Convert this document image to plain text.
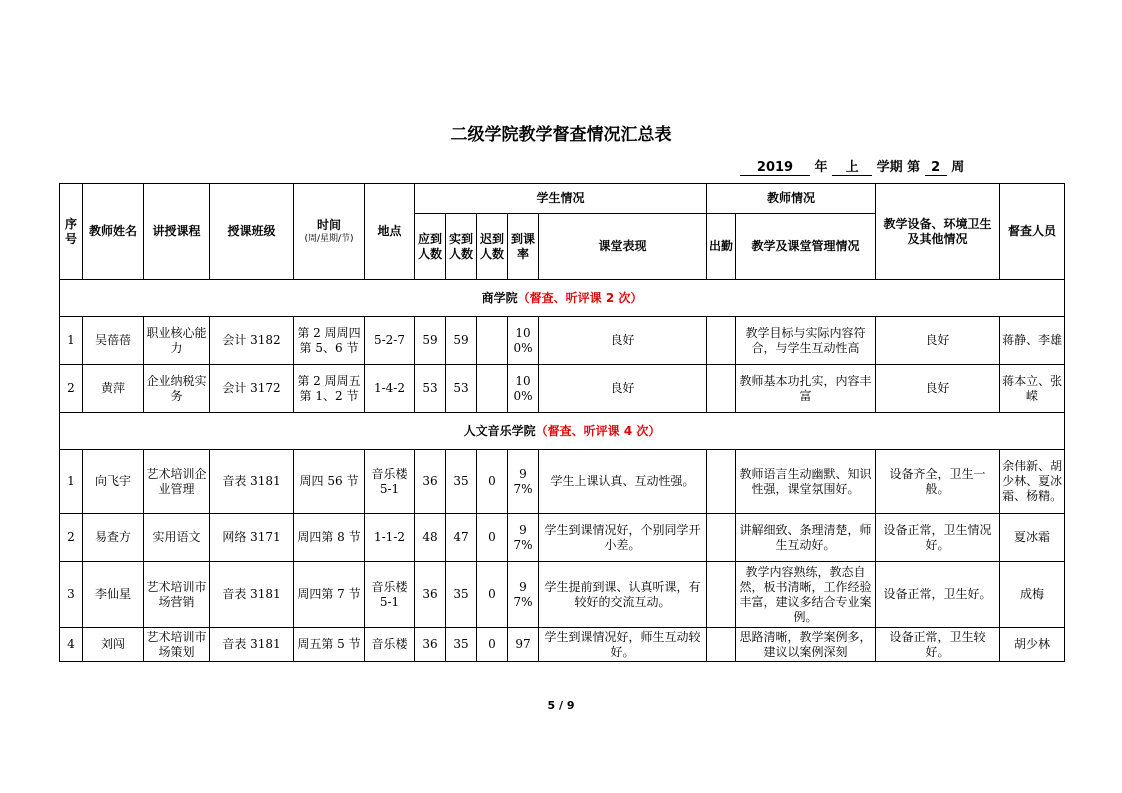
二级学院教学督查情况汇总表
2019 年 上 学期 第 2 周
序号	教师姓名	讲授课程	授课班级	时间
(周/星期/节)	地点	学生情况					教师情况		教学设备、环境卫生及其他情况	督查人员
						应到人数	实到人数	迟到人数	到课率	课堂表现	出勤	教学及课堂管理情况		
商学院（督查、听评课 2 次）														
1	吴蓓蓓	职业核心能力	会计 3182	第 2 周周四第 5、6 节	5-2-7	59	59		100%	良好		教学目标与实际内容符合，与学生互动性高	良好	蒋静、李雄
2	黄萍	企业纳税实务	会计 3172	第 2 周周五第 1、2 节	1-4-2	53	53		100%	良好		教师基本功扎实，内容丰富	良好	蒋本立、张嵘
人文音乐学院（督查、听评课 4 次）														
1	向飞宇	艺术培训企业管理	音表 3181	周四 56 节	音乐楼 5-1	36	35	0	97%	学生上课认真、互动性强。		教师语言生动幽默、知识性强，课堂氛围好。	设备齐全，卫生一般。	余伟新、胡少林、夏冰霜、杨精。
2	易查方	实用语文	网络 3171	周四第 8 节	1-1-2	48	47	0	97%	学生到课情况好，个别同学开小差。		讲解细致、条理清楚，师生互动好。	设备正常，卫生情况好。	夏冰霜
3	李仙星	艺术培训市场营销	音表 3181	周四第 7 节	音乐楼 5-1	36	35	0	97%	学生提前到课、认真听课，有较好的交流互动。		教学内容熟练，教态自然，板书清晰，工作经验丰富，建议多结合专业案例。	设备正常，卫生好。	成梅
4	刘闯	艺术培训市场策划	音表 3181	周五第 5 节	音乐楼	36	35	0	97	学生到课情况好，师生互动较好。		思路清晰，教学案例多，建议以案例深刻	设备正常，卫生较好。	胡少林
5 / 9
